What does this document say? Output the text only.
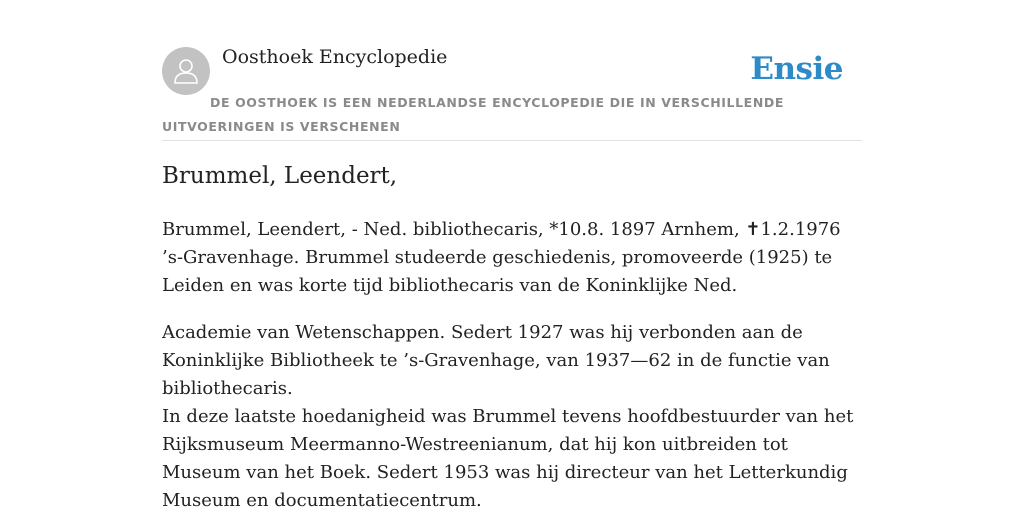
Oosthoek Encyclopedie	Ensie
DE OOSTHOEK IS EEN NEDERLANDSE ENCYCLOPEDIE DIE IN VERSCHILLENDE UITVOERINGEN IS VERSCHENEN
Brummel, Leendert,

Brummel, Leendert, - Ned. bibliothecaris, *10.8. 1897 Arnhem, ✝1.2.1976 ’s-Gravenhage. Brummel studeerde geschiedenis, promoveerde (1925) te Leiden en was korte tijd bibliothecaris van de Koninklijke Ned.

Academie van Wetenschappen. Sedert 1927 was hij verbonden aan de Koninklijke Bibliotheek te ’s-Gravenhage, van 1937—62 in de functie van bibliothecaris.

In deze laatste hoedanigheid was Brummel tevens hoofdbestuurder van het Rijksmuseum Meermanno-Westreenianum, dat hij kon uitbreiden tot Museum van het Boek. Sedert 1953 was hij directeur van het Letterkundig Museum en documentatiecentrum.
